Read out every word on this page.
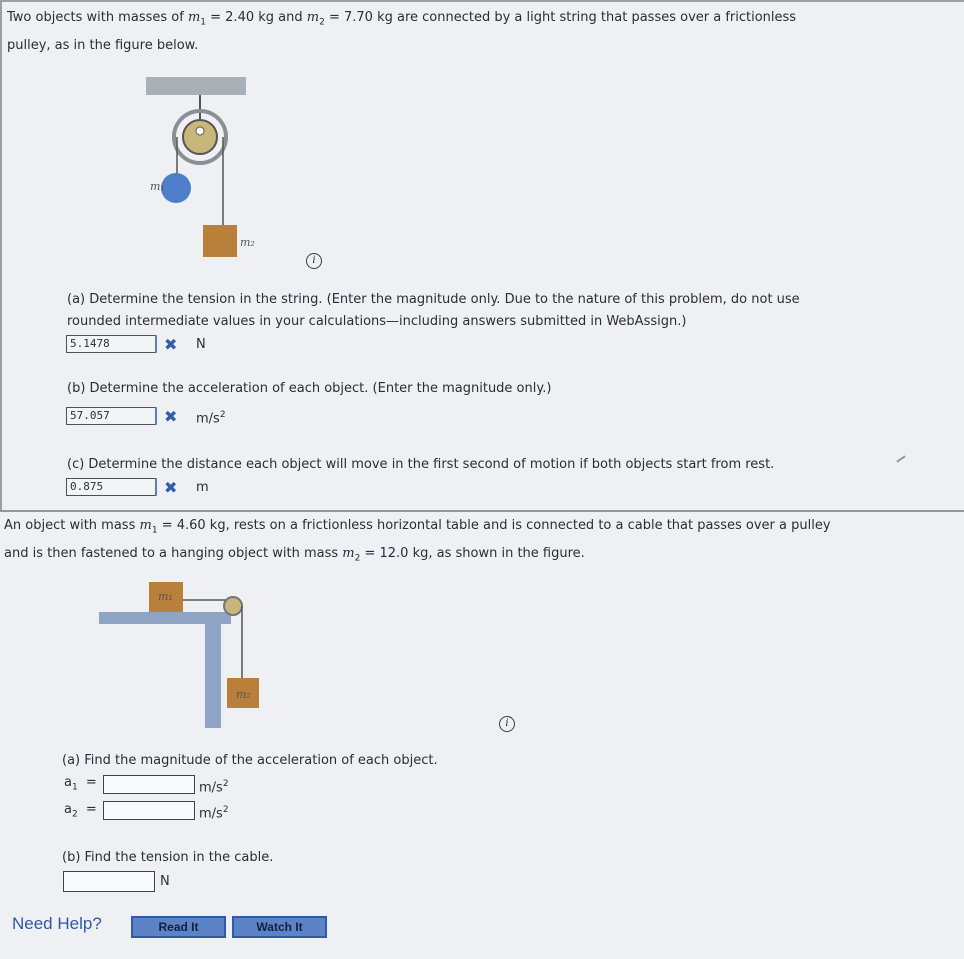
Two objects with masses of $m_1 = 2.40$ kg and $m_2 = 7.70$ kg are connected by a light string that passes over a frictionless
pulley, as in the figure below.
m₁
m₂
i
(a) Determine the tension in the string. (Enter the magnitude only. Due to the nature of this problem, do not use
rounded intermediate values in your calculations—including answers submitted in WebAssign.)
5.1478	✖ N
(b) Determine the acceleration of each object. (Enter the magnitude only.)
57.057	✖ $m/s^2$
(c) Determine the distance each object will move in the first second of motion if both objects start from rest.
0.875	✖ m
An object with mass $m_1 = 4.60$ kg, rests on a frictionless horizontal table and is connected to a cable that passes over a pulley
and is then fastened to a hanging object with mass $m_2 = 12.0$ kg, as shown in the figure.
m₁
m₂
i
(a) Find the magnitude of the acceleration of each object.
$a_1$ =	$m/s^2$
$a_2$ =	$m/s^2$
(b) Find the tension in the cable.
N
Need Help?	Read It	Watch It
